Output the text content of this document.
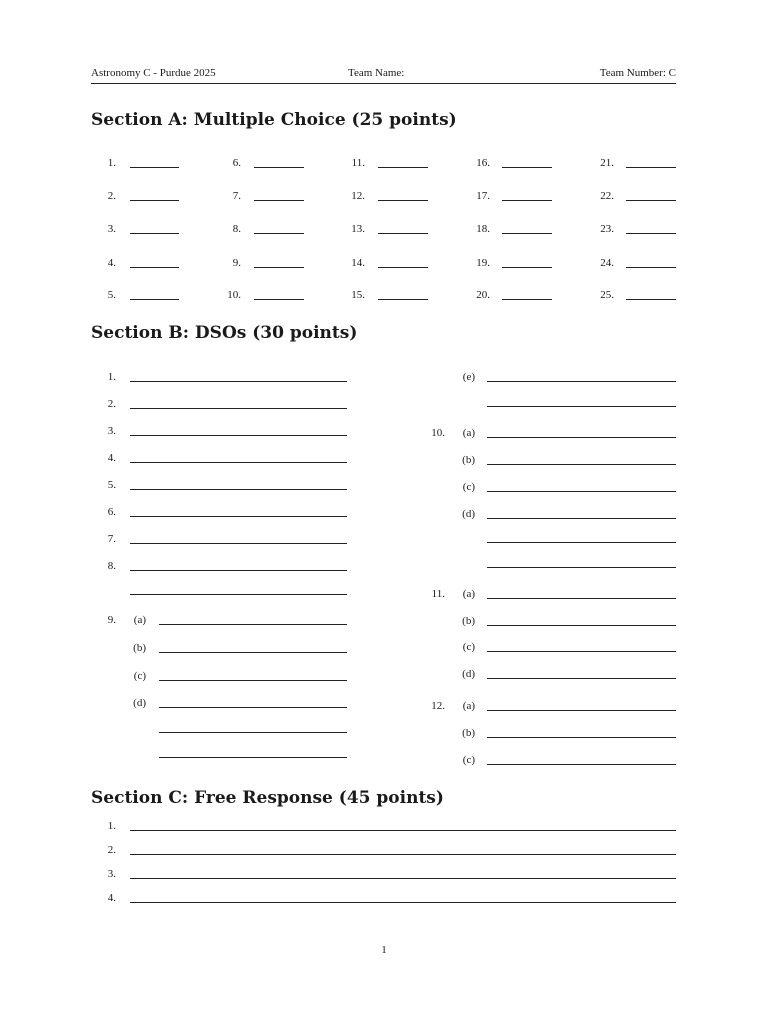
Astronomy C - Purdue 2025	Team Name:	Team Number: C
Section A: Multiple Choice (25 points)
1.
2.
3.
4.
5.
6.
7.
8.
9.
10.
11.
12.
13.
14.
15.
16.
17.
18.
19.
20.
21.
22.
23.
24.
25.
Section B: DSOs (30 points)
1.
2.
3.
4.
5.
6.
7.
8.
9.	(a)
(b)
(c)
(d)
(e)
10.	(a)
(b)
(c)
(d)
11.	(a)
(b)
(c)
(d)
12.	(a)
(b)
(c)
Section C: Free Response (45 points)
1.
2.
3.
4.
1
